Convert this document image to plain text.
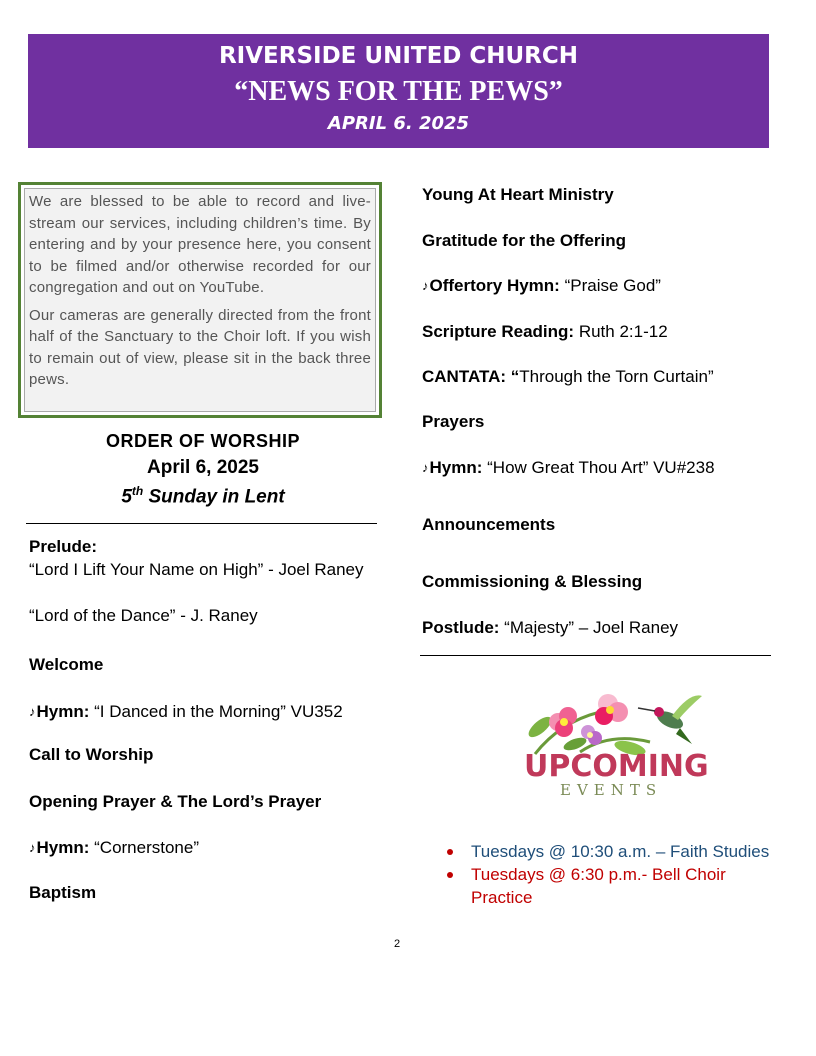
RIVERSIDE UNITED CHURCH
“NEWS FOR THE PEWS”
APRIL 6. 2025

We are blessed to be able to record and live-stream our services, including children’s time. By entering and by your presence here, you consent to be filmed and/or otherwise recorded for our congregation and out on YouTube.

Our cameras are generally directed from the front half of the Sanctuary to the Choir loft. If you wish to remain out of view, please sit in the back three pews.

ORDER OF WORSHIP
April 6, 2025
5th Sunday in Lent
Prelude:
“Lord I Lift Your Name on High” - Joel Raney
“Lord of the Dance” - J. Raney
Welcome
♪Hymn: “I Danced in the Morning” VU352
Call to Worship
Opening Prayer & The Lord’s Prayer
♪Hymn: “Cornerstone”
Baptism
Young At Heart Ministry
Gratitude for the Offering
♪Offertory Hymn: “Praise God”
Scripture Reading: Ruth 2:1-12
CANTATA: “Through the Torn Curtain”
Prayers
♪Hymn: “How Great Thou Art” VU#238
Announcements
Commissioning & Blessing
Postlude: “Majesty” – Joel Raney
UPCOMING
EVENTS
Tuesdays @ 10:30 a.m. – Faith Studies
Tuesdays @ 6:30 p.m.- Bell Choir Practice
2
